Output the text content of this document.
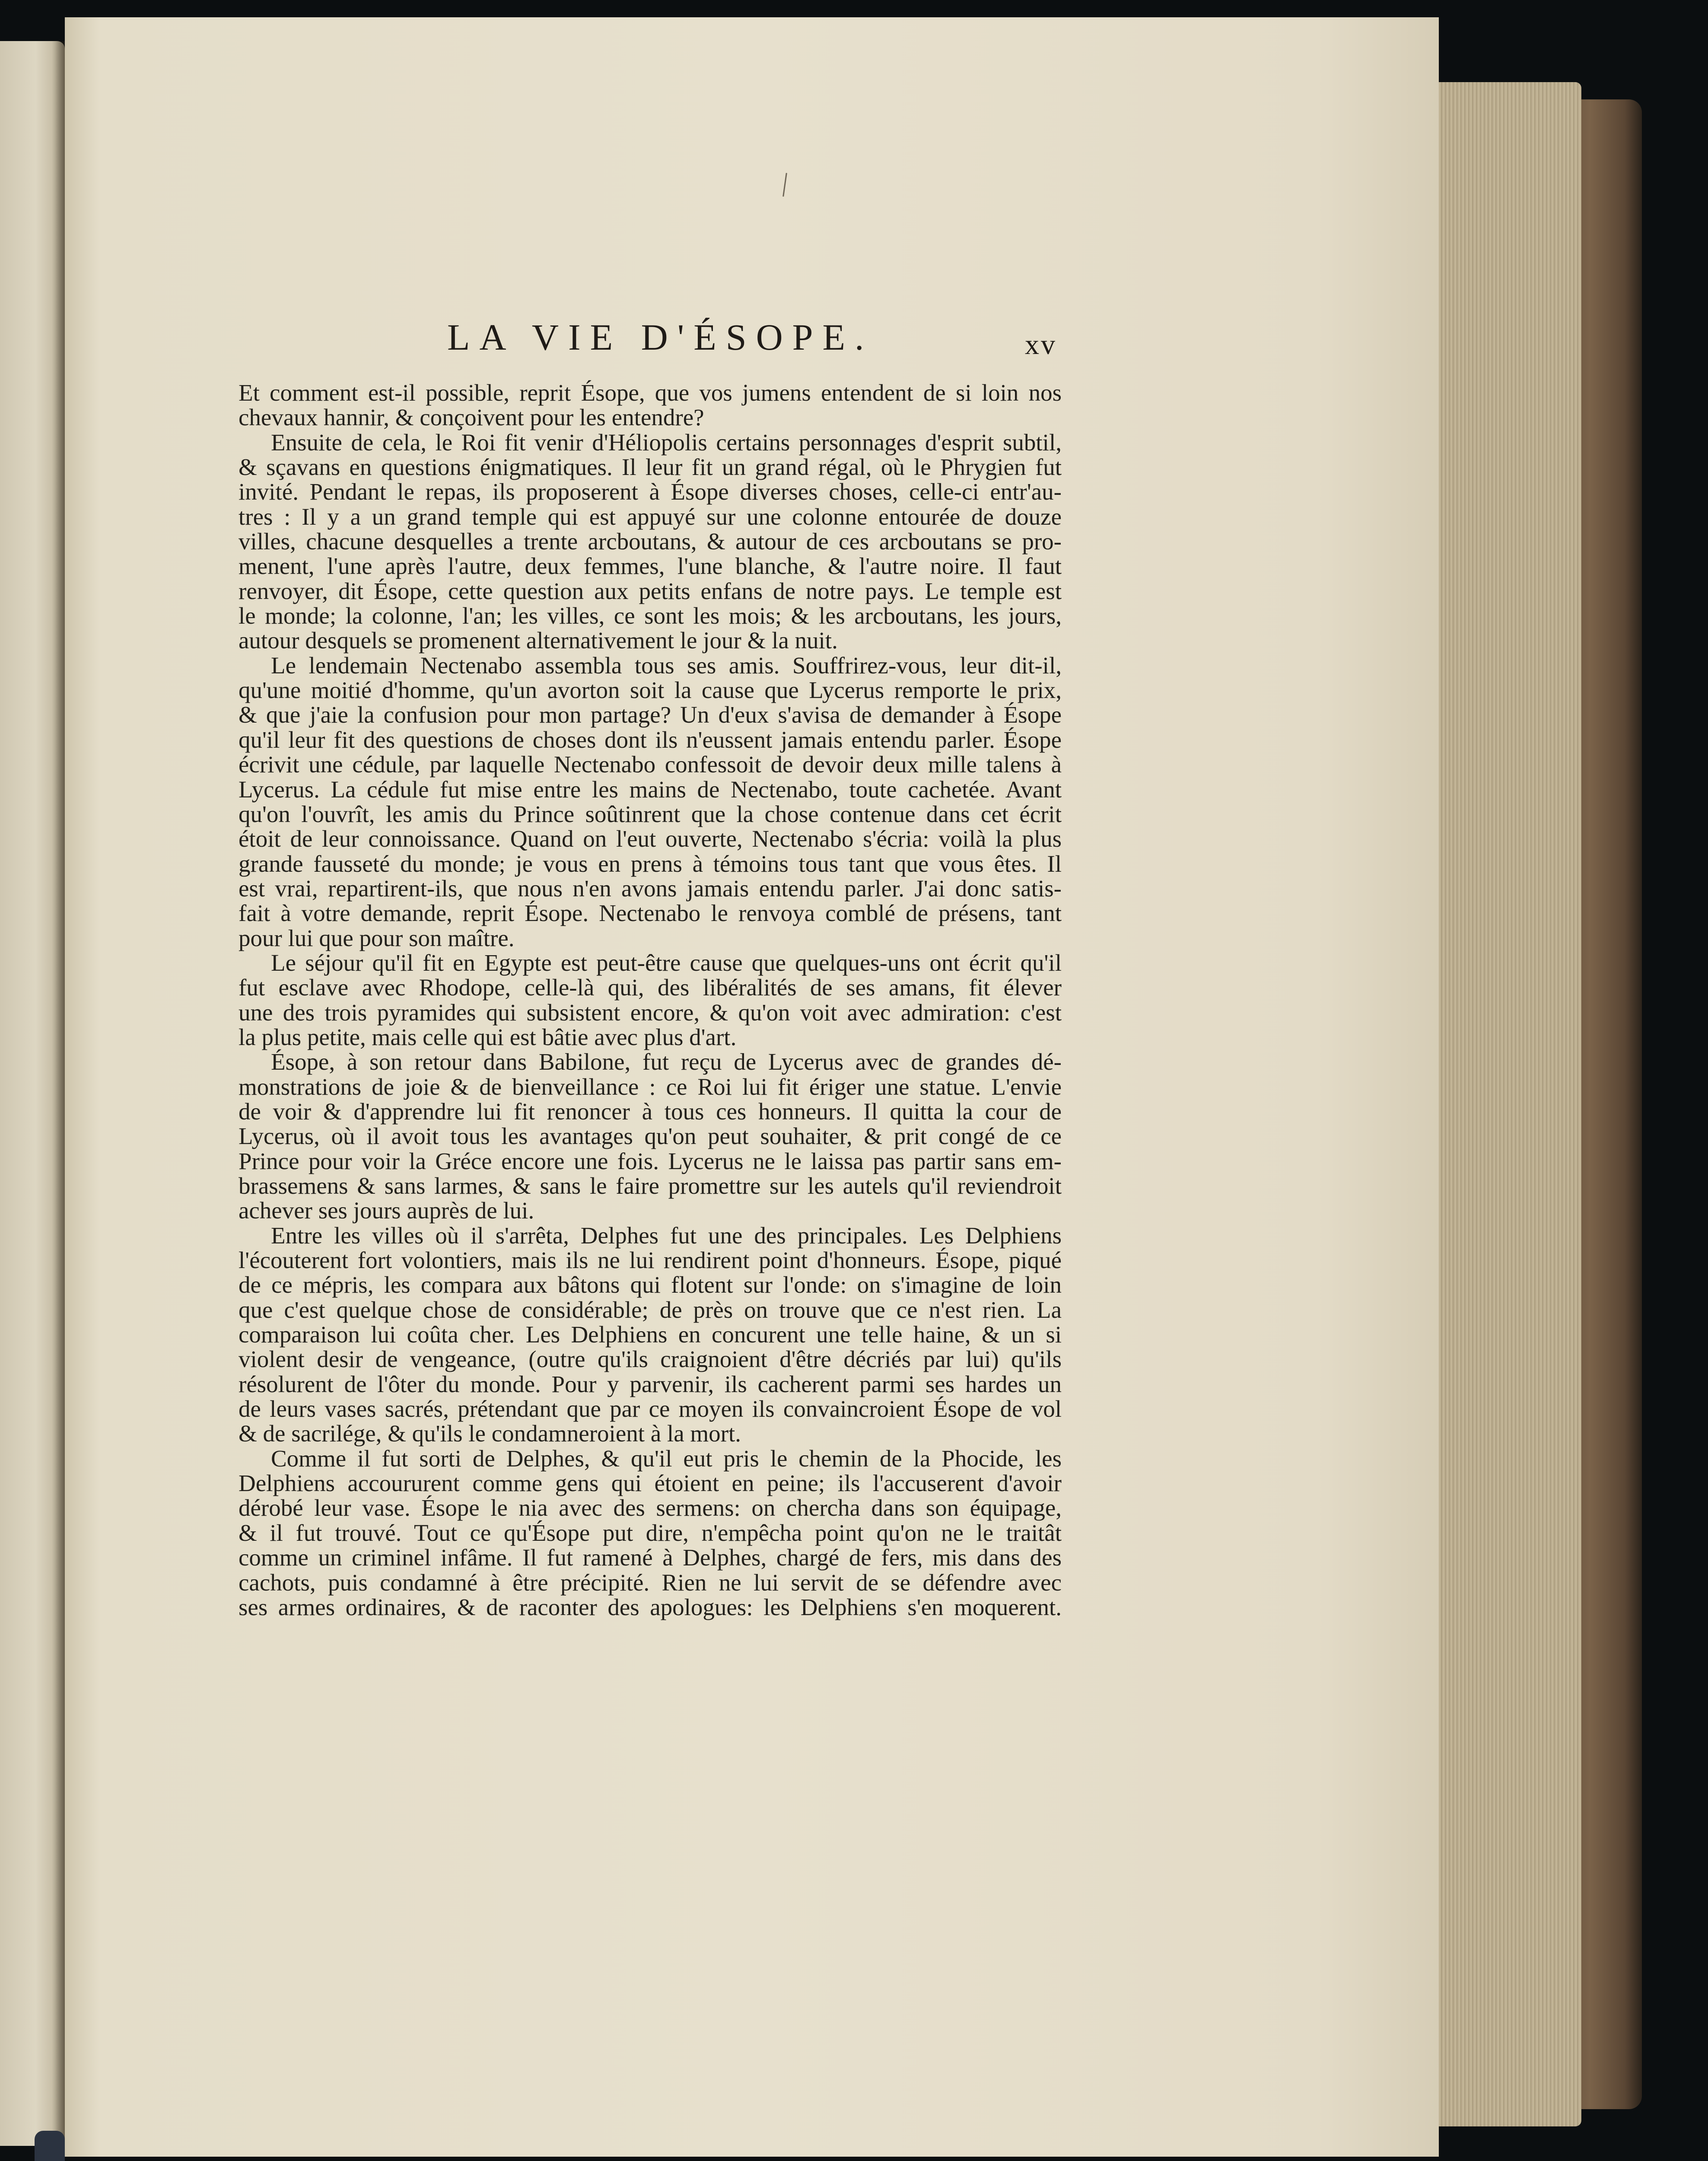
LA VIE D'ÉSOPE.	xv
Et comment est-il possible, reprit Ésope, que vos jumens entendent de si loin nos
chevaux hannir, & conçoivent pour les entendre?
Ensuite de cela, le Roi fit venir d'Héliopolis certains personnages d'esprit subtil,
& sçavans en questions énigmatiques. Il leur fit un grand régal, où le Phrygien fut
invité. Pendant le repas, ils proposerent à Ésope diverses choses, celle-ci entr'au-
tres : Il y a un grand temple qui est appuyé sur une colonne entourée de douze
villes, chacune desquelles a trente arcboutans, & autour de ces arcboutans se pro-
menent, l'une après l'autre, deux femmes, l'une blanche, & l'autre noire. Il faut
renvoyer, dit Ésope, cette question aux petits enfans de notre pays. Le temple est
le monde; la colonne, l'an; les villes, ce sont les mois; & les arcboutans, les jours,
autour desquels se promenent alternativement le jour & la nuit.
Le lendemain Nectenabo assembla tous ses amis. Souffrirez-vous, leur dit-il,
qu'une moitié d'homme, qu'un avorton soit la cause que Lycerus remporte le prix,
& que j'aie la confusion pour mon partage? Un d'eux s'avisa de demander à Ésope
qu'il leur fit des questions de choses dont ils n'eussent jamais entendu parler. Ésope
écrivit une cédule, par laquelle Nectenabo confessoit de devoir deux mille talens à
Lycerus. La cédule fut mise entre les mains de Nectenabo, toute cachetée. Avant
qu'on l'ouvrît, les amis du Prince soûtinrent que la chose contenue dans cet écrit
étoit de leur connoissance. Quand on l'eut ouverte, Nectenabo s'écria: voilà la plus
grande fausseté du monde; je vous en prens à témoins tous tant que vous êtes. Il
est vrai, repartirent-ils, que nous n'en avons jamais entendu parler. J'ai donc satis-
fait à votre demande, reprit Ésope. Nectenabo le renvoya comblé de présens, tant
pour lui que pour son maître.
Le séjour qu'il fit en Egypte est peut-être cause que quelques-uns ont écrit qu'il
fut esclave avec Rhodope, celle-là qui, des libéralités de ses amans, fit élever
une des trois pyramides qui subsistent encore, & qu'on voit avec admiration: c'est
la plus petite, mais celle qui est bâtie avec plus d'art.
Ésope, à son retour dans Babilone, fut reçu de Lycerus avec de grandes dé-
monstrations de joie & de bienveillance : ce Roi lui fit ériger une statue. L'envie
de voir & d'apprendre lui fit renoncer à tous ces honneurs. Il quitta la cour de
Lycerus, où il avoit tous les avantages qu'on peut souhaiter, & prit congé de ce
Prince pour voir la Gréce encore une fois. Lycerus ne le laissa pas partir sans em-
brassemens & sans larmes, & sans le faire promettre sur les autels qu'il reviendroit
achever ses jours auprès de lui.
Entre les villes où il s'arrêta, Delphes fut une des principales. Les Delphiens
l'écouterent fort volontiers, mais ils ne lui rendirent point d'honneurs. Ésope, piqué
de ce mépris, les compara aux bâtons qui flotent sur l'onde: on s'imagine de loin
que c'est quelque chose de considérable; de près on trouve que ce n'est rien. La
comparaison lui coûta cher. Les Delphiens en concurent une telle haine, & un si
violent desir de vengeance, (outre qu'ils craignoient d'être décriés par lui) qu'ils
résolurent de l'ôter du monde. Pour y parvenir, ils cacherent parmi ses hardes un
de leurs vases sacrés, prétendant que par ce moyen ils convaincroient Ésope de vol
& de sacrilége, & qu'ils le condamneroient à la mort.
Comme il fut sorti de Delphes, & qu'il eut pris le chemin de la Phocide, les
Delphiens accoururent comme gens qui étoient en peine; ils l'accuserent d'avoir
dérobé leur vase. Ésope le nia avec des sermens: on chercha dans son équipage,
& il fut trouvé. Tout ce qu'Ésope put dire, n'empêcha point qu'on ne le traitât
comme un criminel infâme. Il fut ramené à Delphes, chargé de fers, mis dans des
cachots, puis condamné à être précipité. Rien ne lui servit de se défendre avec
ses armes ordinaires, & de raconter des apologues: les Delphiens s'en moquerent.
